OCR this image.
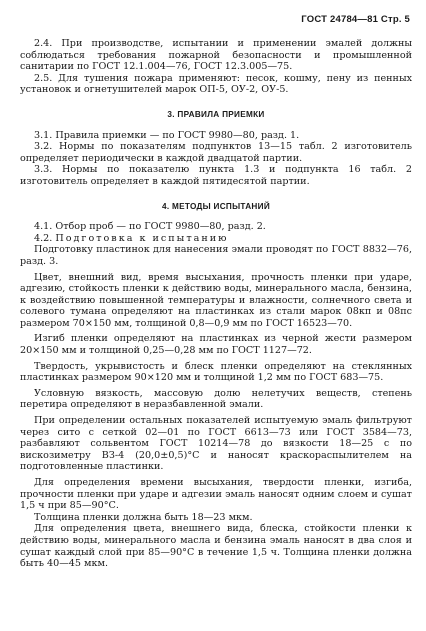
ГОСТ 24784—81 Стр. 5

2.4. При производстве, испытании и применении эмалей должны соблюдаться требования пожарной безопасности и промышленной санитарии по ГОСТ 12.1.004—76, ГОСТ 12.3.005—75.

2.5. Для тушения пожара применяют: песок, кошму, пену из пенных установок и огнетушителей марок ОП-5, ОУ-2, ОУ-5.

3. ПРАВИЛА ПРИЕМКИ

3.1. Правила приемки — по ГОСТ 9980—80, разд. 1.

3.2. Нормы по показателям подпунктов 13—15 табл. 2 изготовитель определяет периодически в каждой двадцатой партии.

3.3. Нормы по показателю пункта 1.3 и подпункта 16 табл. 2 изготовитель определяет в каждой пятидесятой партии.

4. МЕТОДЫ ИСПЫТАНИЙ

4.1. Отбор проб — по ГОСТ 9980—80, разд. 2.

4.2. Подготовка к испытанию

Подготовку пластинок для нанесения эмали проводят по ГОСТ 8832—76, разд. 3.

Цвет, внешний вид, время высыхания, прочность пленки при ударе, адгезию, стойкость пленки к действию воды, минерального масла, бензина, к воздействию повышенной температуры и влажности, солнечного света и солевого тумана определяют на пластинках из стали марок 08кп и 08пс размером 70×150 мм, толщиной 0,8—0,9 мм по ГОСТ 16523—70.

Изгиб пленки определяют на пластинках из черной жести размером 20×150 мм и толщиной 0,25—0,28 мм по ГОСТ 1127—72.

Твердость, укрывистость и блеск пленки определяют на стеклянных пластинках размером 90×120 мм и толщиной 1,2 мм по ГОСТ 683—75.

Условную вязкость, массовую долю нелетучих веществ, степень перетира определяют в неразбавленной эмали.

При определении остальных показателей испытуемую эмаль фильтруют через сито с сеткой 02—01 по ГОСТ 6613—73 или ГОСТ 3584—73, разбавляют сольвентом ГОСТ 10214—78 до вязкости 18—25 с по вискозиметру ВЗ-4 (20,0±0,5)°С и наносят краскораспылителем на подготовленные пластинки.

Для определения времени высыхания, твердости пленки, изгиба, прочности пленки при ударе и адгезии эмаль наносят одним слоем и сушат 1,5 ч при 85—90°С.

Толщина пленки должна быть 18—23 мкм.

Для определения цвета, внешнего вида, блеска, стойкости пленки к действию воды, минерального масла и бензина эмаль наносят в два слоя и сушат каждый слой при 85—90°С в течение 1,5 ч. Толщина пленки должна быть 40—45 мкм.
